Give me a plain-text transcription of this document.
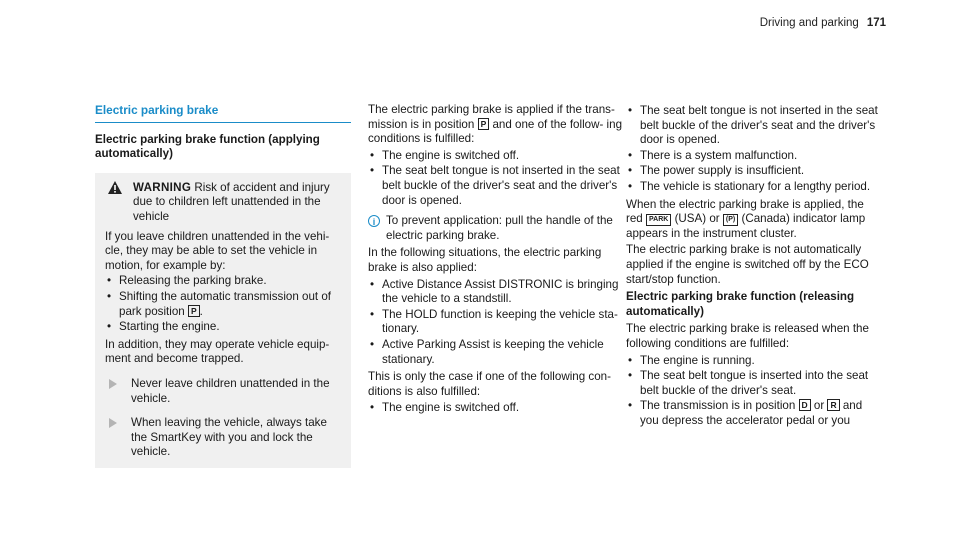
Driving and parking 171
Electric parking brake
Electric parking brake function (applying automatically)
WARNING Risk of accident and injury due to children left unattended in the vehicle

If you leave children unattended in the vehi- cle, they may be able to set the vehicle in motion, for example by:

• Releasing the parking brake.
• Shifting the automatic transmission out of park position P .
• Starting the engine.

In addition, they may operate vehicle equip- ment and become trapped.

Never leave children unattended in the vehicle.
When leaving the vehicle, always take the SmartKey with you and lock the vehicle.

The electric parking brake is applied if the trans- mission is in position P and one of the follow- ing conditions is fulfilled:

• The engine is switched off.
• The seat belt tongue is not inserted in the seat belt buckle of the driver's seat and the driver's door is opened.
i To prevent application: pull the handle of the electric parking brake.

In the following situations, the electric parking brake is also applied:

• Active Distance Assist DISTRONIC is bringing the vehicle to a standstill.
• The HOLD function is keeping the vehicle sta- tionary.
• Active Parking Assist is keeping the vehicle stationary.

This is only the case if one of the following con- ditions is also fulfilled:

• The engine is switched off.
• The seat belt tongue is not inserted in the seat belt buckle of the driver's seat and the driver's door is opened.
• There is a system malfunction.
• The power supply is insufficient.
• The vehicle is stationary for a lengthy period.

When the electric parking brake is applied, the red PARK (USA) or (P) (Canada) indicator lamp appears in the instrument cluster.

The electric parking brake is not automatically applied if the engine is switched off by the ECO start/stop function.

Electric parking brake function (releasing automatically)

The electric parking brake is released when the following conditions are fulfilled:

• The engine is running.
• The seat belt tongue is inserted into the seat belt buckle of the driver's seat.
• The transmission is in position D or R and you depress the accelerator pedal or you
